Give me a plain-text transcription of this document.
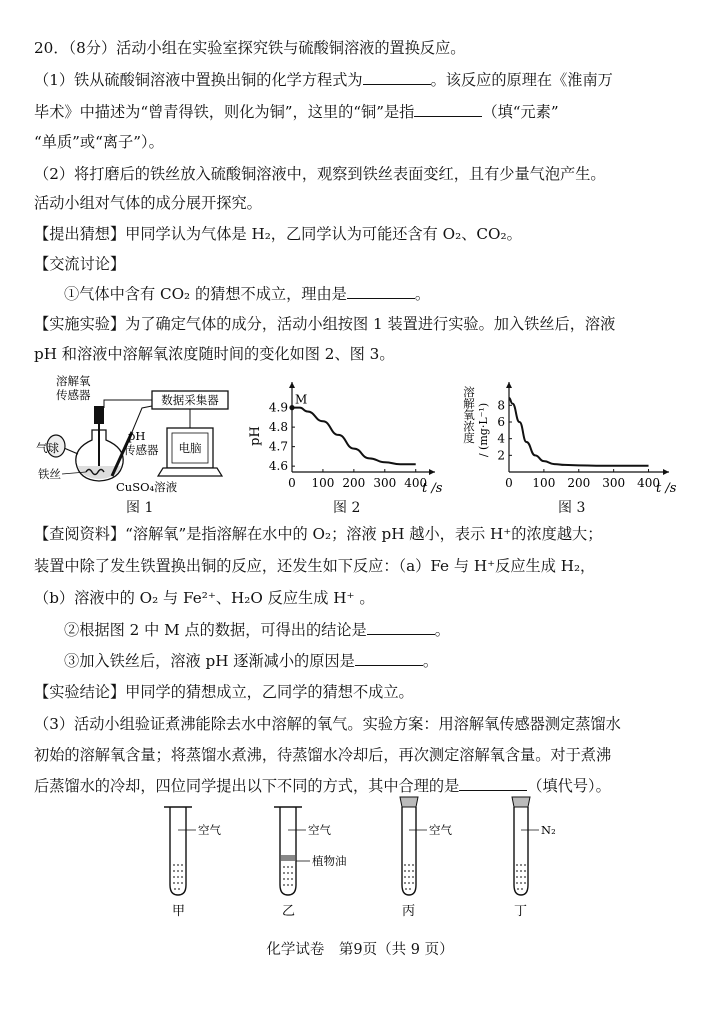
20．（8分）活动小组在实验室探究铁与硫酸铜溶液的置换反应。
（1）铁从硫酸铜溶液中置换出铜的化学方程式为	。该反应的原理在《淮南万
毕术》中描述为“曾青得铁，则化为铜”，这里的“铜”是指	（填“元素”
“单质”或“离子”）。
（2）将打磨后的铁丝放入硫酸铜溶液中，观察到铁丝表面变红，且有少量气泡产生。
活动小组对气体的成分展开探究。
【提出猜想】甲同学认为气体是 H₂，乙同学认为可能还含有 O₂、CO₂。
【交流讨论】
①气体中含有 CO₂ 的猜想不成立，理由是	。
【实施实验】为了确定气体的成分，活动小组按图 1 装置进行实验。加入铁丝后，溶液
pH 和溶液中溶解氧浓度随时间的变化如图 2、图 3。
溶解氧
传感器
气球
铁丝
CuSO₄溶液
数据采集器
pH
传感器 电脑
图 1
0 100 200 300 400
4.6
4.7
4.8
4.9
M
pH
t /s
图 2
0 100 200 300 400
2
4
6
8
溶解氧浓度 / (mg·L⁻¹)
t /s
图 3
【查阅资料】“溶解氧”是指溶解在水中的 O₂；溶液 pH 越小，表示 H⁺的浓度越大；
装置中除了发生铁置换出铜的反应，还发生如下反应：（a）Fe 与 H⁺反应生成 H₂，
（b）溶液中的 O₂ 与 Fe²⁺、H₂O 反应生成 H⁺ 。
②根据图 2 中 M 点的数据，可得出的结论是	。
③加入铁丝后，溶液 pH 逐渐减小的原因是	。
【实验结论】甲同学的猜想成立，乙同学的猜想不成立。
（3）活动小组验证煮沸能除去水中溶解的氧气。实验方案：用溶解氧传感器测定蒸馏水
初始的溶解氧含量；将蒸馏水煮沸，待蒸馏水冷却后，再次测定溶解氧含量。对于煮沸
后蒸馏水的冷却，四位同学提出以下不同的方式，其中合理的是	（填代号）。
空气
甲
空气
植物油
乙
空气
丙
N₂
丁
化学试卷　第9页（共 9 页）
